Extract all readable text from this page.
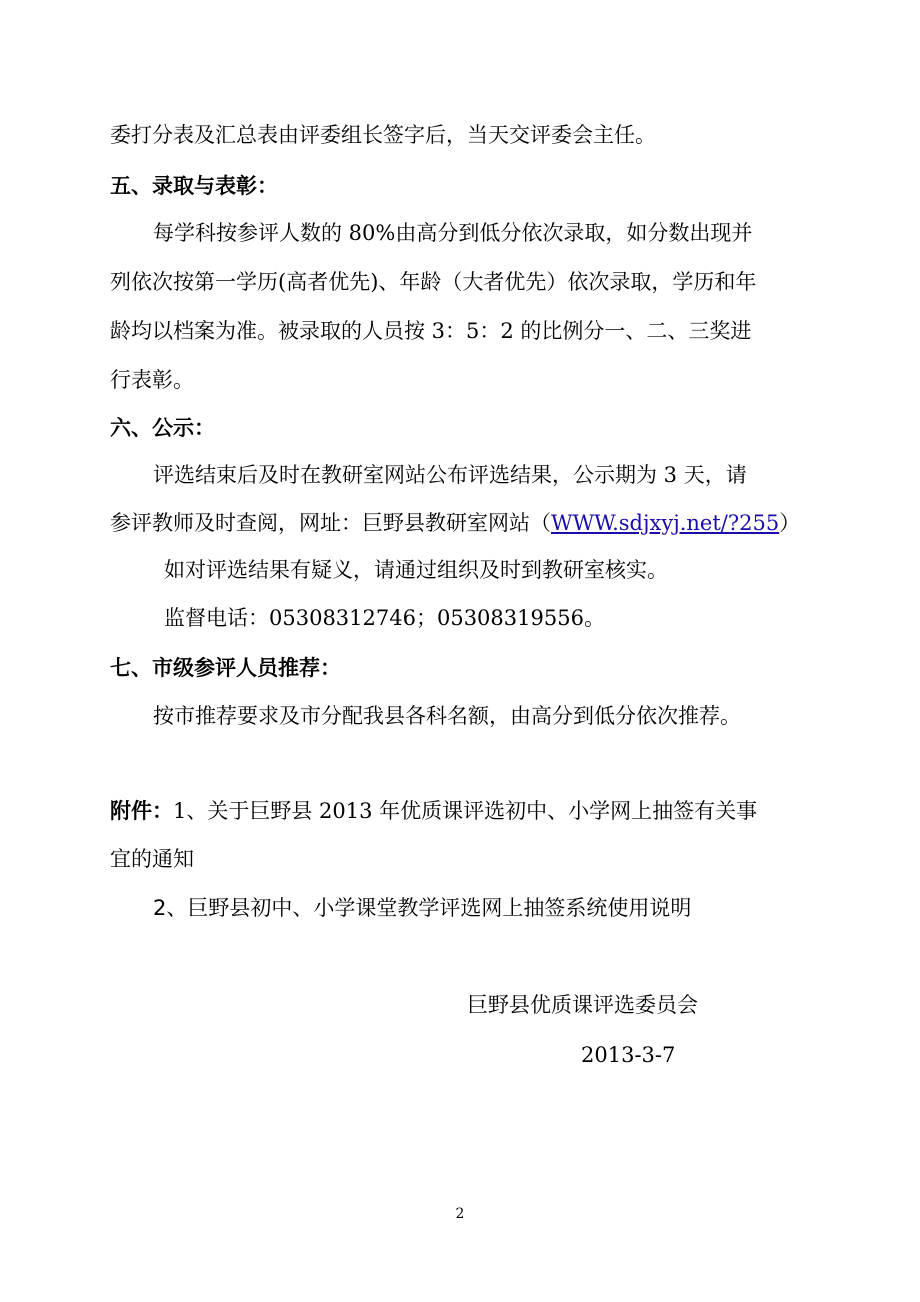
委打分表及汇总表由评委组长签字后，当天交评委会主任。
五、录取与表彰：
每学科按参评人数的 80%由高分到低分依次录取，如分数出现并
列依次按第一学历(高者优先)、年龄（大者优先）依次录取，学历和年
龄均以档案为准。被录取的人员按 3：5：2 的比例分一、二、三奖进
行表彰。
六、公示：
评选结束后及时在教研室网站公布评选结果，公示期为 3 天，请
参评教师及时查阅，网址：巨野县教研室网站（WWW.sdjxyj.net/?255）
如对评选结果有疑义，请通过组织及时到教研室核实。
监督电话：05308312746；05308319556。
七、市级参评人员推荐：
按市推荐要求及市分配我县各科名额，由高分到低分依次推荐。
附件：1、关于巨野县 2013 年优质课评选初中、小学网上抽签有关事
宜的通知
2、巨野县初中、小学课堂教学评选网上抽签系统使用说明
巨野县优质课评选委员会
2013-3-7
2
